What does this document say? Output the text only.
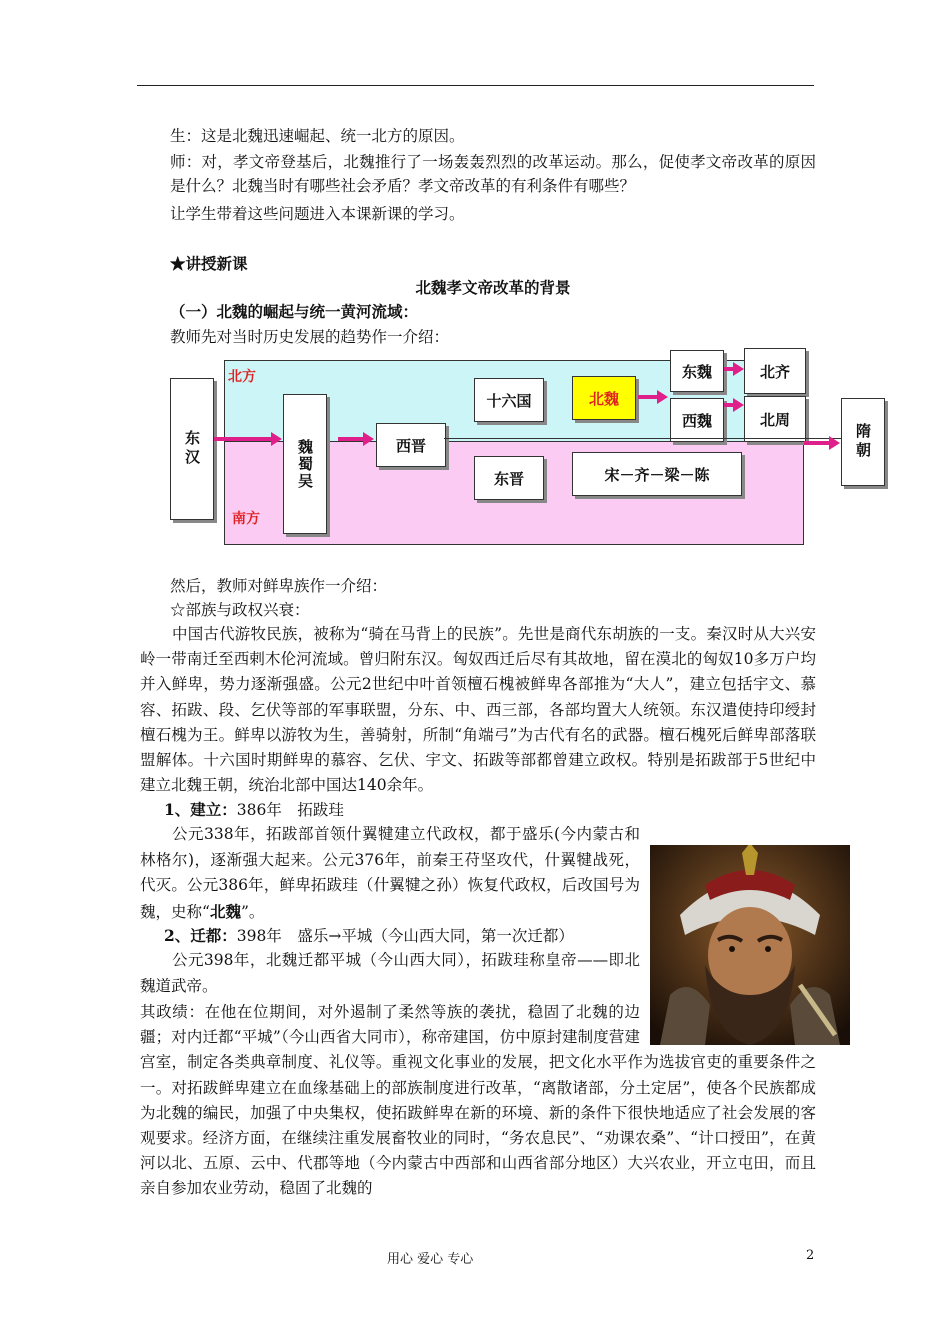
生：这是北魏迅速崛起、统一北方的原因。
师：对，孝文帝登基后，北魏推行了一场轰轰烈烈的改革运动。那么，促使孝文帝改革的原因是什么？北魏当时有哪些社会矛盾？孝文帝改革的有利条件有哪些？
让学生带着这些问题进入本课新课的学习。
★讲授新课
北魏孝文帝改革的背景
（一）北魏的崛起与统一黄河流域：
教师先对当时历史发展的趋势作一介绍：
北方
南方
东汉	魏蜀吴	西晋
十六国	北魏
东魏
西魏
北齐
北周
东晋	宋－齐－梁－陈
隋朝
然后，教师对鲜卑族作一介绍：
☆部族与政权兴衰：
中国古代游牧民族，被称为“骑在马背上的民族”。先世是商代东胡族的一支。秦汉时从大兴安岭一带南迁至西剌木伦河流域。曾归附东汉。匈奴西迁后尽有其故地，留在漠北的匈奴10多万户均并入鲜卑，势力逐渐强盛。公元2世纪中叶首领檀石槐被鲜卑各部推为“大人”，建立包括宇文、慕容、拓跋、段、乞伏等部的军事联盟，分东、中、西三部，各部均置大人统领。东汉遣使持印绶封檀石槐为王。鲜卑以游牧为生，善骑射，所制“角端弓”为古代有名的武器。檀石槐死后鲜卑部落联盟解体。十六国时期鲜卑的慕容、乞伏、宇文、拓跋等部都曾建立政权。特别是拓跋部于5世纪中建立北魏王朝，统治北部中国达140余年。
1、建立：386年　拓跋珪
公元338年，拓跋部首领什翼犍建立代政权，都于盛乐(今内蒙古和林格尔)，逐渐强大起来。公元376年，前秦王苻坚攻代，什翼犍战死，代灭。公元386年，鲜卑拓跋珪（什翼犍之孙）恢复代政权，后改国号为魏，史称“北魏”。
2、迁都：398年　盛乐→平城（今山西大同，第一次迁都）
公元398年，北魏迁都平城（今山西大同），拓跋珪称皇帝——即北魏道武帝。
其政绩：在他在位期间，对外遏制了柔然等族的袭扰，稳固了北魏的边疆；对内迁都“平城”（今山西省大同市），称帝建国，仿中原封建制度营建宫室，制定各类典章制度、礼仪等。重视文化事业的发展，把文化水平作为选拔官吏的重要条件之一。对拓跋鲜卑建立在血缘基础上的部族制度进行改革，“离散诸部，分土定居”，使各个民族都成为北魏的编民，加强了中央集权，使拓跋鲜卑在新的环境、新的条件下很快地适应了社会发展的客观要求。经济方面，在继续注重发展畜牧业的同时，“务农息民”、“劝课农桑”、“计口授田”，在黄河以北、五原、云中、代郡等地（今内蒙古中西部和山西省部分地区）大兴农业，开立屯田，而且亲自参加农业劳动，稳固了北魏的
用心 爱心 专心	2
